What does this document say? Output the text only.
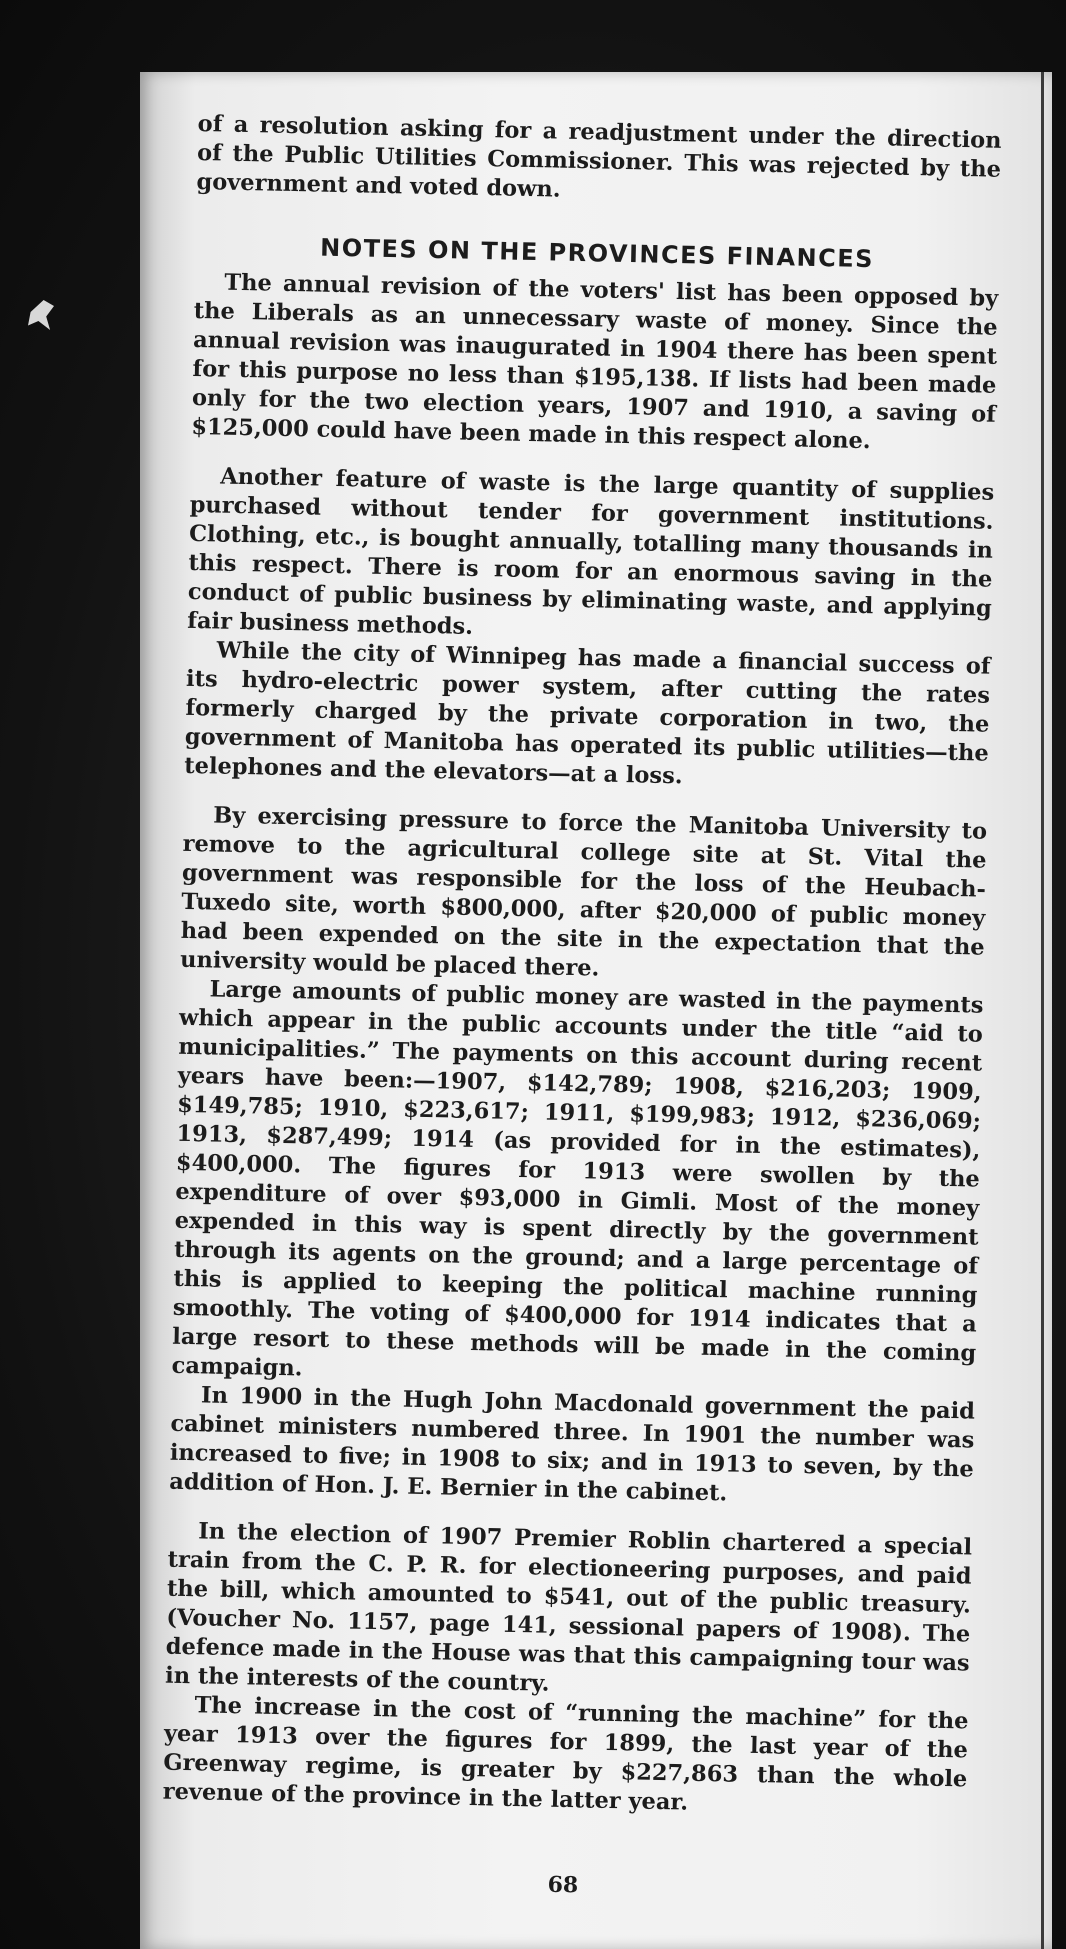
of a resolution asking for a readjustment under the direction of the Public Utilities Commissioner. This was rejected by the government and voted down.

NOTES ON THE PROVINCES FINANCES

The annual revision of the voters' list has been opposed by the Liberals as an unnecessary waste of money. Since the annual revision was inaugurated in 1904 there has been spent for this purpose no less than $195,138. If lists had been made only for the two election years, 1907 and 1910, a saving of $125,000 could have been made in this respect alone.

Another feature of waste is the large quantity of supplies purchased without tender for government institutions. Clothing, etc., is bought annually, totalling many thousands in this respect. There is room for an enormous saving in the conduct of public business by eliminating waste, and applying fair business methods.

While the city of Winnipeg has made a financial success of its hydro-electric power system, after cutting the rates formerly charged by the private corporation in two, the government of Manitoba has operated its public utilities—the telephones and the elevators—at a loss.

By exercising pressure to force the Manitoba University to remove to the agricultural college site at St. Vital the government was responsible for the loss of the Heubach-Tuxedo site, worth $800,000, after $20,000 of public money had been expended on the site in the expectation that the university would be placed there.

Large amounts of public money are wasted in the payments which appear in the public accounts under the title “aid to municipalities.” The payments on this account during recent years have been:—1907, $142,789; 1908, $216,203; 1909, $149,785; 1910, $223,617; 1911, $199,983; 1912, $236,069; 1913, $287,499; 1914 (as provided for in the estimates), $400,000. The figures for 1913 were swollen by the expenditure of over $93,000 in Gimli. Most of the money expended in this way is spent directly by the government through its agents on the ground; and a large percentage of this is applied to keeping the political machine running smoothly. The voting of $400,000 for 1914 indicates that a large resort to these methods will be made in the coming campaign.

In 1900 in the Hugh John Macdonald government the paid cabinet ministers numbered three. In 1901 the number was increased to five; in 1908 to six; and in 1913 to seven, by the addition of Hon. J. E. Bernier in the cabinet.

In the election of 1907 Premier Roblin chartered a special train from the C. P. R. for electioneering purposes, and paid the bill, which amounted to $541, out of the public treasury. (Voucher No. 1157, page 141, sessional papers of 1908). The defence made in the House was that this campaigning tour was in the interests of the country.

The increase in the cost of “running the machine” for the year 1913 over the figures for 1899, the last year of the Greenway regime, is greater by $227,863 than the whole revenue of the province in the latter year.

68
